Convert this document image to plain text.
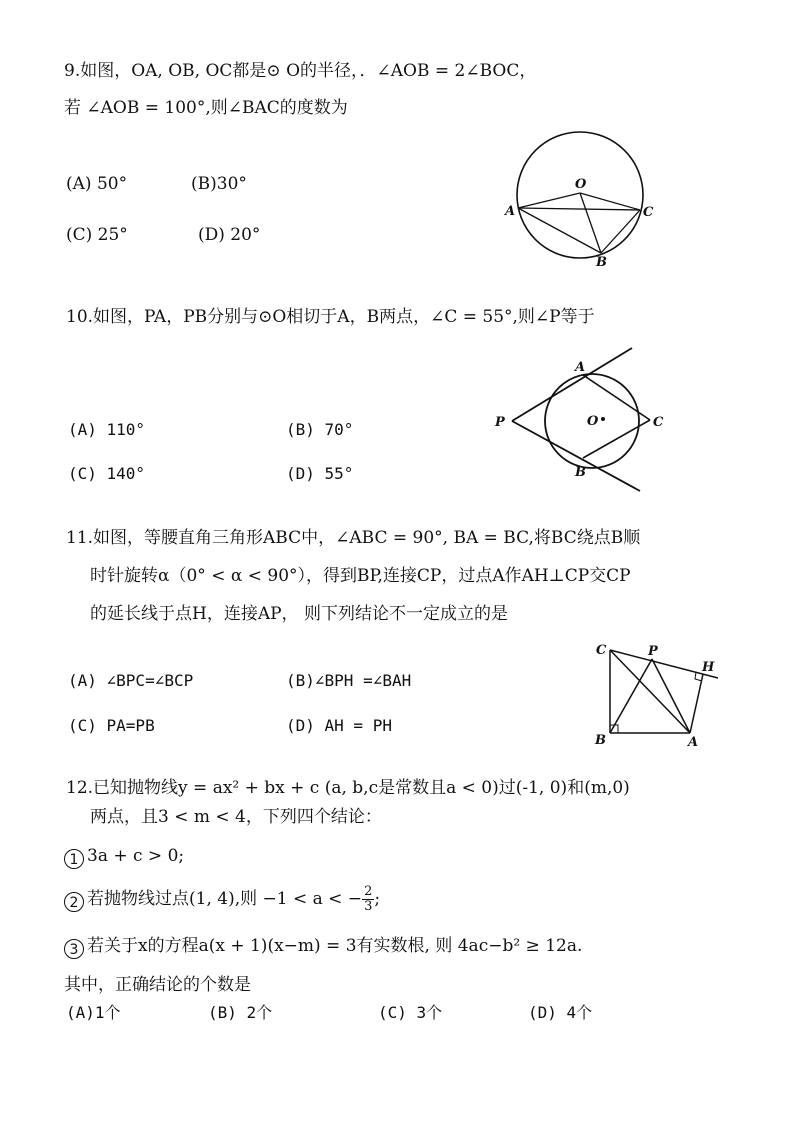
9.如图，OA, OB, OC都是⊙ O的半径，．∠AOB = 2∠BOC，
若 ∠AOB = 100°,则∠BAC的度数为
(A) 50°	(B)30°
(C) 25°	(D) 20°
O
A	C
B
10.如图，PA，PB分别与⊙O相切于A，B两点，∠C = 55°,则∠P等于
(A) 110°	(B) 70°
(C) 140°	(D) 55°
P
A
B
C
O
11.如图，等腰直角三角形ABC中，∠ABC = 90°, BA = BC,将BC绕点B顺
时针旋转α（0° < α < 90°），得到BP,连接CP，过点A作AH⊥CP交CP
的延长线于点H，连接AP， 则下列结论不一定成立的是
(A) ∠BPC=∠BCP	(B)∠BPH =∠BAH
(C) PA=PB	(D) AH = PH
C	P
H
B	A
12.已知抛物线y = ax² + bx + c (a, b,c是常数且a < 0)过(-1, 0)和(m,0)
两点，且3 < m < 4，下列四个结论：
1 3a + c > 0;
2 若抛物线过点(1, 4),则 −1 < a < − $\frac{2}{3}$ ;
3 若关于x的方程a(x + 1)(x−m) = 3有实数根, 则 4ac−b² ≥ 12a.
其中，正确结论的个数是
(A)1个	(B) 2个	(C) 3个	(D) 4个
